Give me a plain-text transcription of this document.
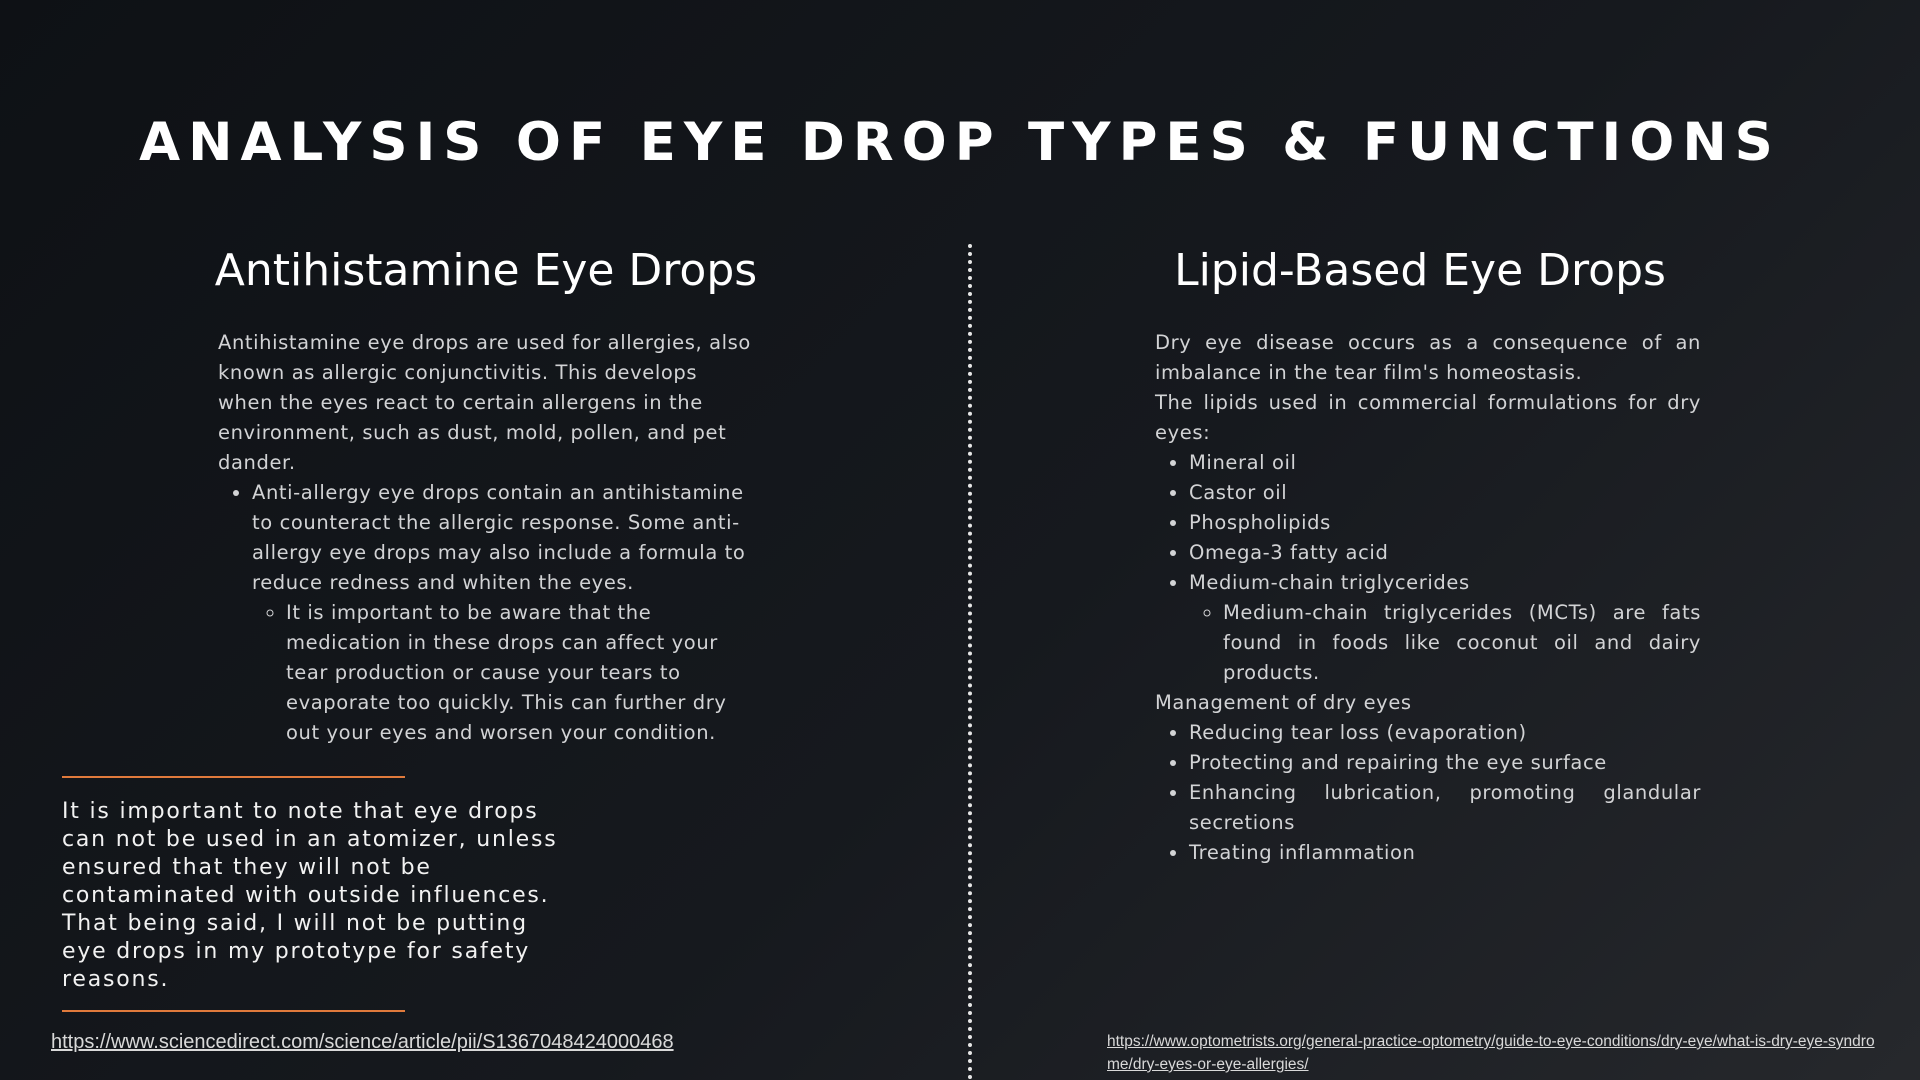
ANALYSIS OF EYE DROP TYPES & FUNCTIONS
Antihistamine Eye Drops

Antihistamine eye drops are used for allergies, also known as allergic conjunctivitis. This develops when the eyes react to certain allergens in the environment, such as dust, mold, pollen, and pet dander.

• Anti-allergy eye drops contain an antihistamine to counteract the allergic response. Some anti-allergy eye drops may also include a formula to reduce redness and whiten the eyes.
◦ It is important to be aware that the medication in these drops can affect your tear production or cause your tears to evaporate too quickly. This can further dry out your eyes and worsen your condition.
Lipid-Based Eye Drops

Dry eye disease occurs as a consequence of an imbalance in the tear film's homeostasis.

The lipids used in commercial formulations for dry eyes:

• Mineral oil
• Castor oil
• Phospholipids
• Omega-3 fatty acid
• Medium-chain triglycerides
◦ Medium-chain triglycerides (MCTs) are fats found in foods like coconut oil and dairy products.

Management of dry eyes

• Reducing tear loss (evaporation)
• Protecting and repairing the eye surface
• Enhancing lubrication, promoting glandular secretions
• Treating inflammation

It is important to note that eye drops can not be used in an atomizer, unless ensured that they will not be contaminated with outside influences. That being said, I will not be putting eye drops in my prototype for safety reasons.

https://www.sciencedirect.com/science/article/pii/S1367048424000468	https://www.optometrists.org/general-practice-optometry/guide-to-eye-conditions/dry-eye/what-is-dry-eye-syndrome/dry-eyes-or-eye-allergies/
